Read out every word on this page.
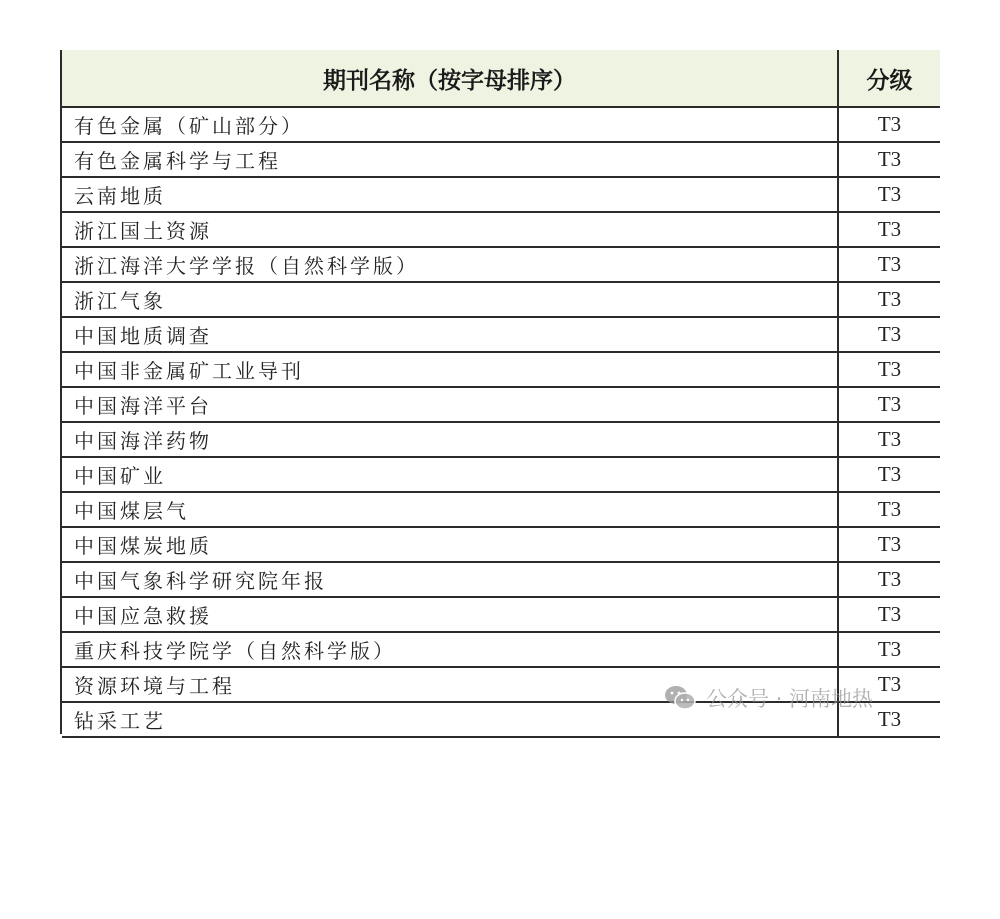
期刊名称（按字母排序）	分级
有色金属（矿山部分）	T3
有色金属科学与工程	T3
云南地质	T3
浙江国土资源	T3
浙江海洋大学学报（自然科学版）	T3
浙江气象	T3
中国地质调查	T3
中国非金属矿工业导刊	T3
中国海洋平台	T3
中国海洋药物	T3
中国矿业	T3
中国煤层气	T3
中国煤炭地质	T3
中国气象科学研究院年报	T3
中国应急救援	T3
重庆科技学院学（自然科学版）	T3
资源环境与工程	T3
钻采工艺	T3
公众号 · 河南地热
